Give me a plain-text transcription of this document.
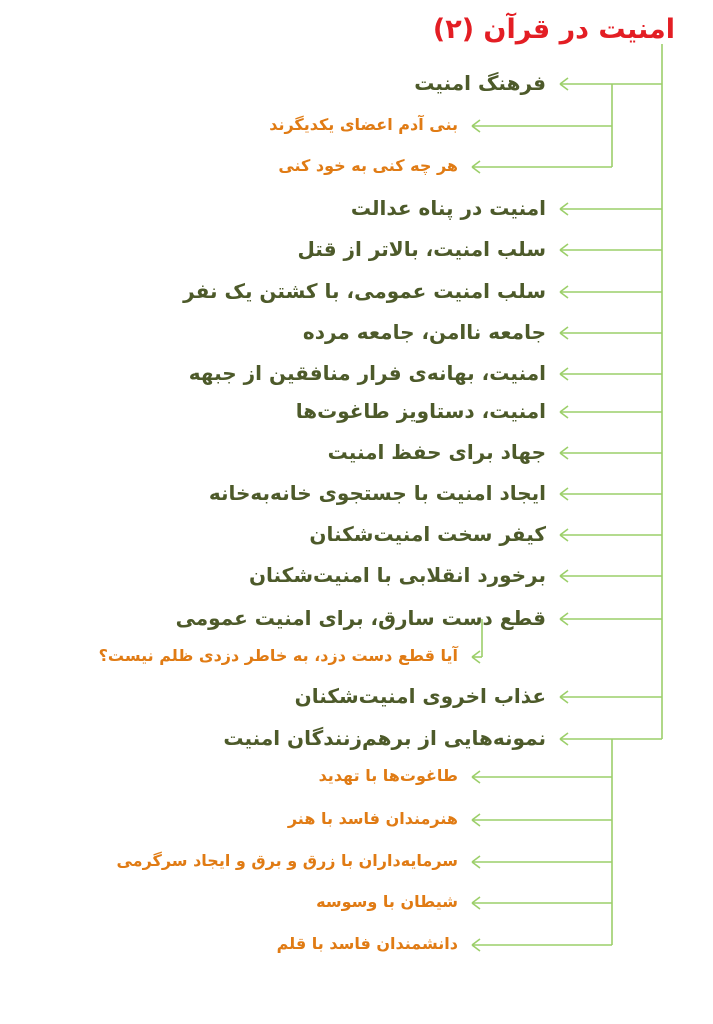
امنیت در قرآن (۲)
فرهنگ امنیت
بنی آدم اعضای یکدیگرند
هر چه کنی به خود کنی
امنیت در پناه عدالت
سلب امنیت، بالاتر از قتل
سلب امنیت عمومی، با کشتن یک نفر
جامعه ناامن، جامعه مرده
امنیت، بهانه‌ی فرار منافقین از جبهه
امنیت، دستاویز طاغوت‌ها
جهاد برای حفظ امنیت
ایجاد امنیت با جستجوی خانه‌به‌خانه
کیفر سخت امنیت‌شکنان
برخورد انقلابی با امنیت‌شکنان
قطع دست سارق، برای امنیت عمومی
آیا قطع دست دزد، به خاطر دزدی ظلم نیست؟
عذاب اخروی امنیت‌شکنان
نمونه‌هایی از برهم‌زنندگان امنیت
طاغوت‌ها با تهدید
هنرمندان فاسد با هنر
سرمایه‌داران با زرق و برق و ایجاد سرگرمی
شیطان با وسوسه
دانشمندان فاسد با قلم
